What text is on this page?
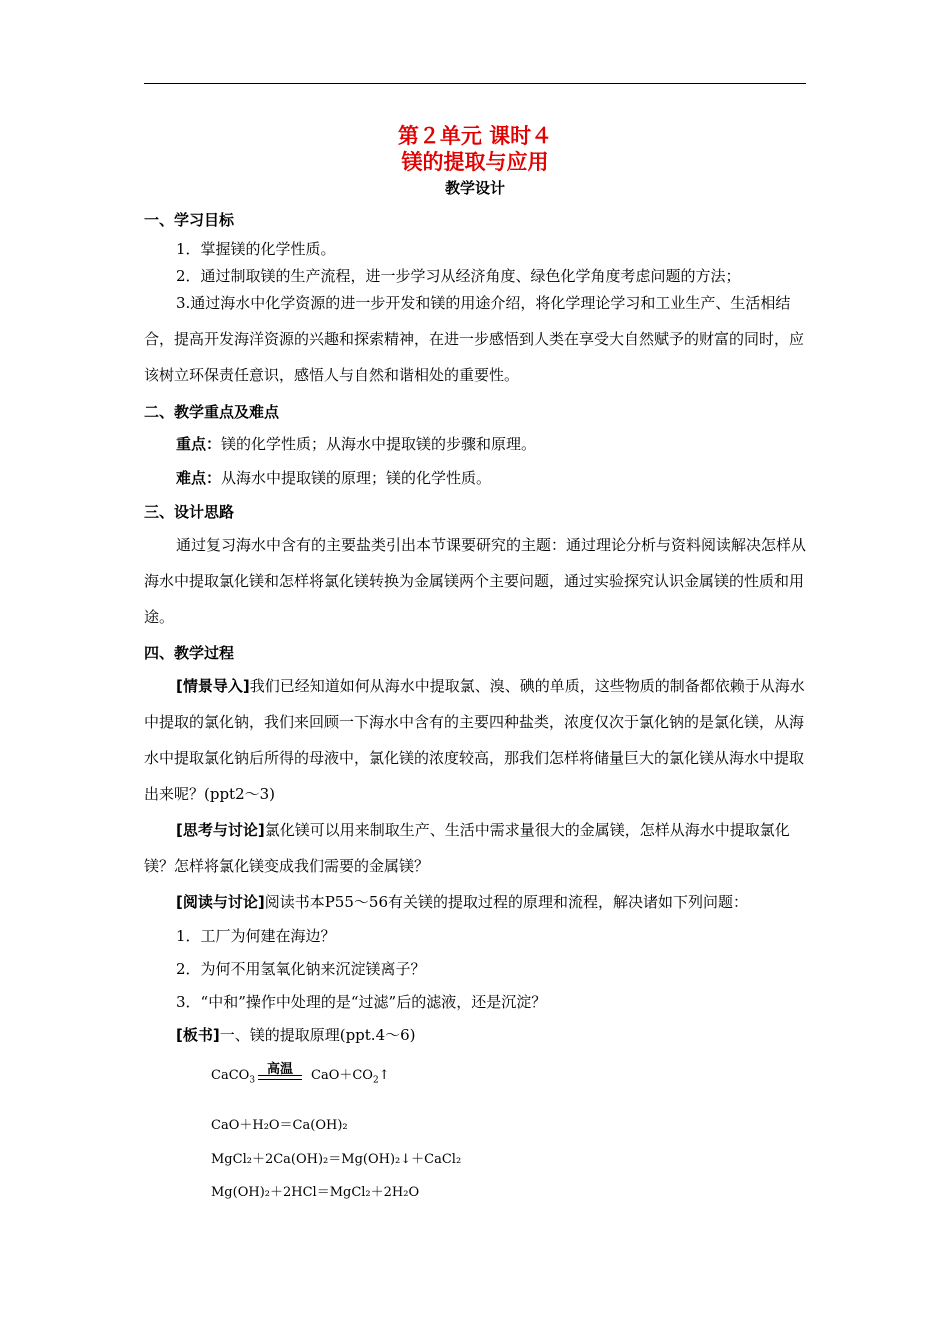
第２单元 课时４
镁的提取与应用
教学设计
一、学习目标
1．掌握镁的化学性质。
2．通过制取镁的生产流程，进一步学习从经济角度、绿色化学角度考虑问题的方法；
3.通过海水中化学资源的进一步开发和镁的用途介绍，将化学理论学习和工业生产、生活相结合，提高开发海洋资源的兴趣和探索精神，在进一步感悟到人类在享受大自然赋予的财富的同时，应该树立环保责任意识，感悟人与自然和谐相处的重要性。
二、教学重点及难点
重点：镁的化学性质；从海水中提取镁的步骤和原理。
难点：从海水中提取镁的原理；镁的化学性质。
三、设计思路
通过复习海水中含有的主要盐类引出本节课要研究的主题：通过理论分析与资料阅读解决怎样从海水中提取氯化镁和怎样将氯化镁转换为金属镁两个主要问题，通过实验探究认识金属镁的性质和用途。
四、教学过程
[情景导入]我们已经知道如何从海水中提取氯、溴、碘的单质，这些物质的制备都依赖于从海水中提取的氯化钠，我们来回顾一下海水中含有的主要四种盐类，浓度仅次于氯化钠的是氯化镁，从海水中提取氯化钠后所得的母液中，氯化镁的浓度较高，那我们怎样将储量巨大的氯化镁从海水中提取出来呢？(ppt2～3)
[思考与讨论]氯化镁可以用来制取生产、生活中需求量很大的金属镁，怎样从海水中提取氯化镁？怎样将氯化镁变成我们需要的金属镁？
[阅读与讨论]阅读书本P55～56有关镁的提取过程的原理和流程，解决诸如下列问题：
1．工厂为何建在海边？
2．为何不用氢氧化钠来沉淀镁离子？
3．“中和”操作中处理的是“过滤”后的滤液，还是沉淀？
[板书]一、镁的提取原理(ppt.4～6)
高温
CaCO$_3$	$CaO+CO_2↑$
CaO＋H₂O＝Ca(OH)₂
MgCl₂＋2Ca(OH)₂＝Mg(OH)₂↓＋CaCl₂
Mg(OH)₂＋2HCl＝MgCl₂＋2H₂O
